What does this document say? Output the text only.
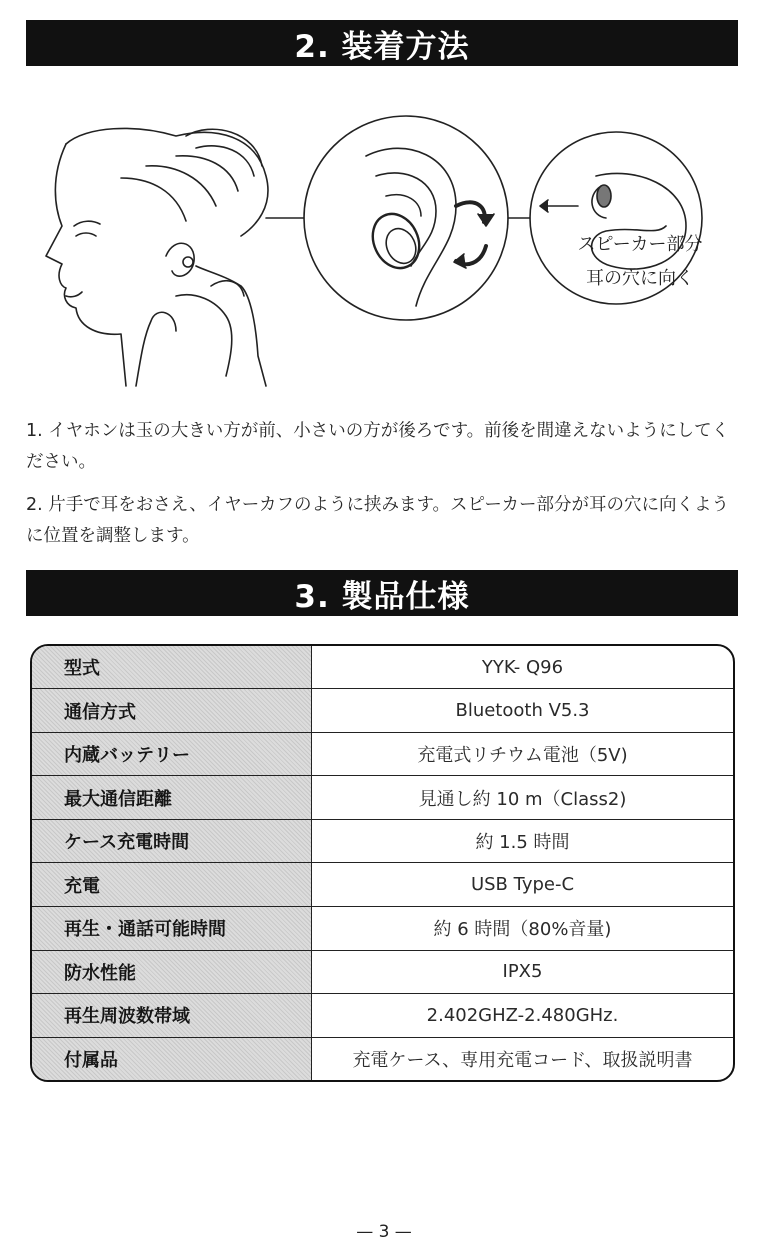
2. 装着方法
スピーカー部分
耳の穴に向く
1. イヤホンは玉の大きい方が前、小さいの方が後ろです。前後を間違えないようにしてください。
2. 片手で耳をおさえ、イヤーカフのように挟みます。スピーカー部分が耳の穴に向くように位置を調整します。
3. 製品仕様
型式	YYK- Q96
通信方式	Bluetooth V5.3
内蔵バッテリー	充電式リチウム電池（5V)
最大通信距離	見通し約 10 m（Class2)
ケース充電時間	約 1.5 時間
充電	USB Type-C
再生・通話可能時間	約 6 時間（80%音量)
防水性能	IPX5
再生周波数帯域	2.402GHZ-2.480GHz.
付属品	充電ケース、専用充電コード、取扱説明書
— 3 —
